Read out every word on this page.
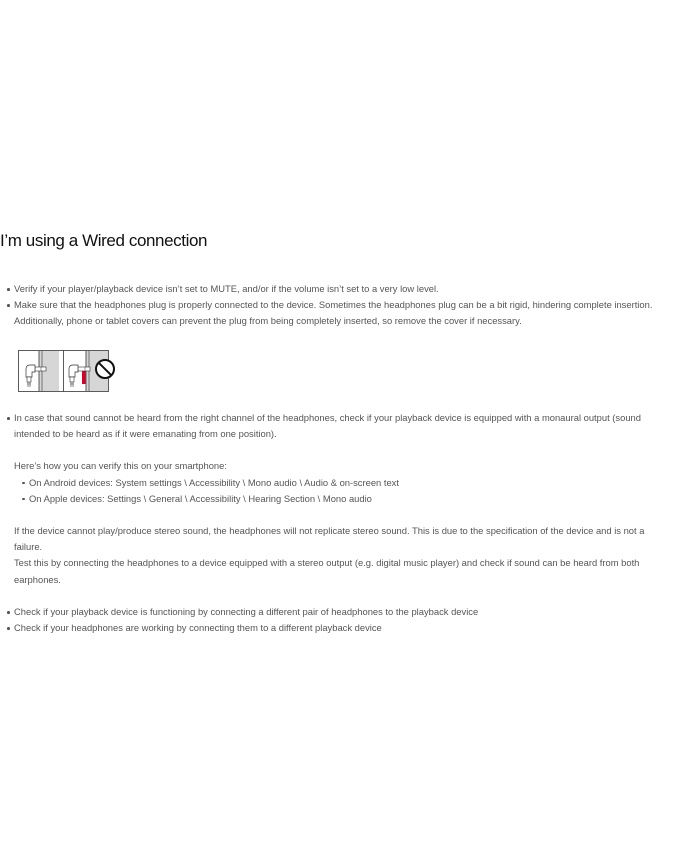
I’m using a Wired connection
Verify if your player/playback device isn’t set to MUTE, and/or if the volume isn’t set to a very low level.
Make sure that the headphones plug is properly connected to the device. Sometimes the headphones plug can be a bit rigid, hindering complete insertion. Additionally, phone or tablet covers can prevent the plug from being completely inserted, so remove the cover if necessary.
In case that sound cannot be heard from the right channel of the headphones, check if your playback device is equipped with a monaural output (sound intended to be heard as if it were emanating from one position).

Here’s how you can verify this on your smartphone:

On Android devices: System settings \ Accessibility \ Mono audio \ Audio & on-screen text
On Apple devices: Settings \ General \ Accessibility \ Hearing Section \ Mono audio

If the device cannot play/produce stereo sound, the headphones will not replicate stereo sound. This is due to the specification of the device and is not a failure.

Test this by connecting the headphones to a device equipped with a stereo output (e.g. digital music player) and check if sound can be heard from both earphones.

Check if your playback device is functioning by connecting a different pair of headphones to the playback device
Check if your headphones are working by connecting them to a different playback device
